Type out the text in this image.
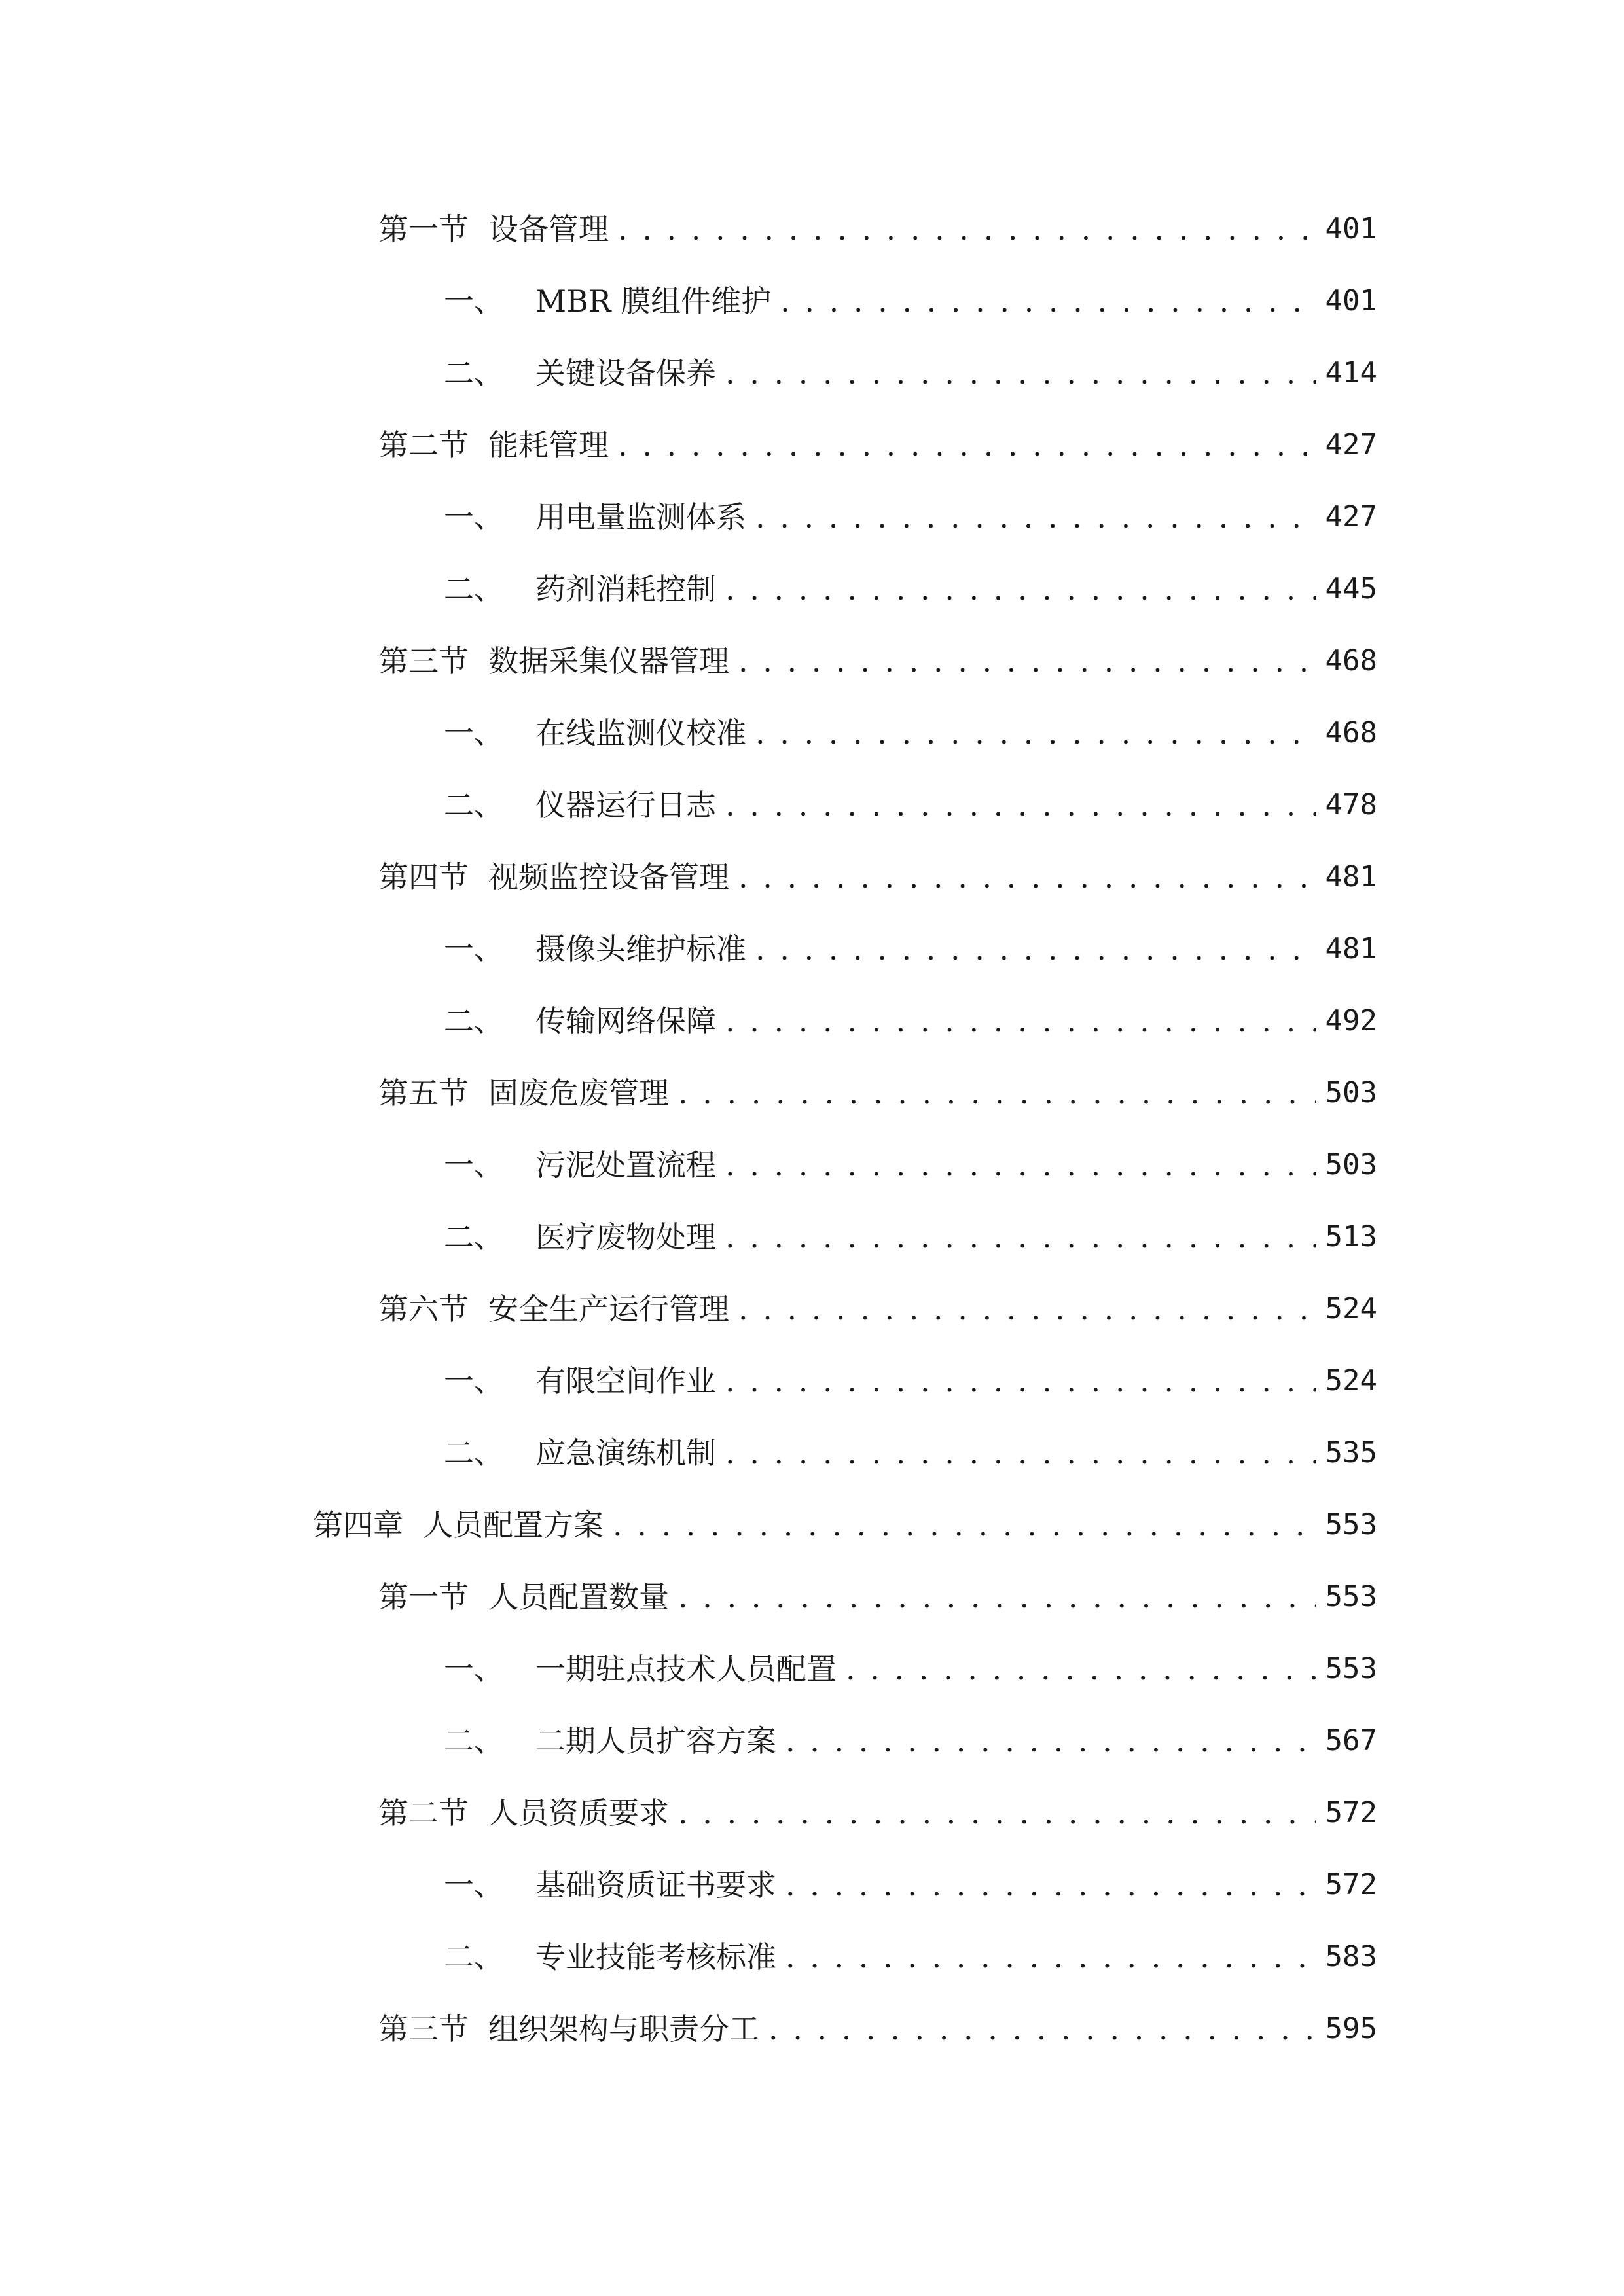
第一节 设备管理 . . .	401
一、 MBR 膜组件维护 . . .	401
二、 关键设备保养 . . .	414
第二节 能耗管理 . . .	427
一、 用电量监测体系 . . .	427
二、 药剂消耗控制 . . .	445
第三节 数据采集仪器管理 . . .	468
一、 在线监测仪校准 . . .	468
二、 仪器运行日志 . . .	478
第四节 视频监控设备管理 . . .	481
一、 摄像头维护标准 . . .	481
二、 传输网络保障 . . .	492
第五节 固废危废管理 . . .	503
一、 污泥处置流程 . . .	503
二、 医疗废物处理 . . .	513
第六节 安全生产运行管理 . . .	524
一、 有限空间作业 . . .	524
二、 应急演练机制 . . .	535
第四章 人员配置方案 . . .	553
第一节 人员配置数量 . . .	553
一、 一期驻点技术人员配置 . . .	553
二、 二期人员扩容方案 . . .	567
第二节 人员资质要求 . . .	572
一、 基础资质证书要求 . . .	572
二、 专业技能考核标准 . . .	583
第三节 组织架构与职责分工 . . .	595
